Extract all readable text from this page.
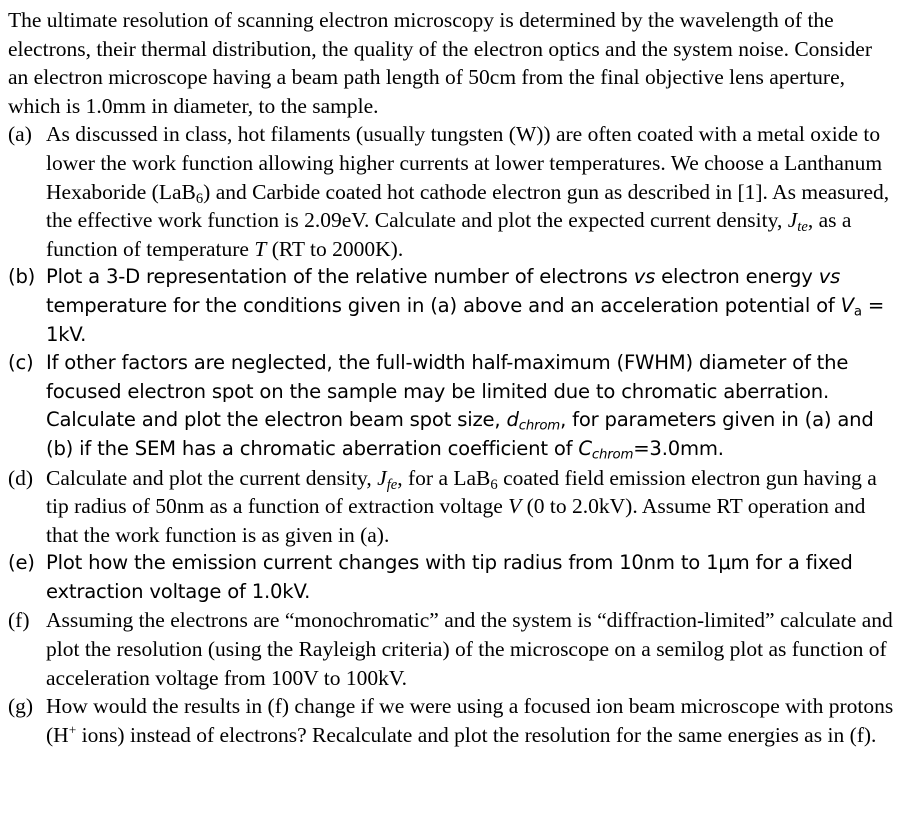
The ultimate resolution of scanning electron microscopy is determined by the wavelength of the electrons, their thermal distribution, the quality of the electron optics and the system noise. Consider an electron microscope having a beam path length of 50cm from the final objective lens aperture, which is 1.0mm in diameter, to the sample.

(a) As discussed in class, hot filaments (usually tungsten (W)) are often coated with a metal oxide to lower the work function allowing higher currents at lower temperatures. We choose a Lanthanum Hexaboride (LaB$_6$) and Carbide coated hot cathode electron gun as described in [1]. As measured, the effective work function is 2.09eV. Calculate and plot the expected current density, $J_{te}$, as a function of temperature T (RT to 2000K).
(b) Plot a 3-D representation of the relative number of electrons vs electron energy vs temperature for the conditions given in (a) above and an acceleration potential of $V_a = 1kV$.
(c) If other factors are neglected, the full-width half-maximum (FWHM) diameter of the focused electron spot on the sample may be limited due to chromatic aberration. Calculate and plot the electron beam spot size, $d_{chrom}$, for parameters given in (a) and (b) if the SEM has a chromatic aberration coefficient of $C_{chrom}=3.0mm$.
(d) Calculate and plot the current density, $J_{fe}$, for a LaB$_6$ coated field emission electron gun having a tip radius of 50nm as a function of extraction voltage V (0 to 2.0kV). Assume RT operation and that the work function is as given in (a).
(e) Plot how the emission current changes with tip radius from 10nm to 1μm for a fixed extraction voltage of 1.0kV.
(f) Assuming the electrons are “monochromatic” and the system is “diffraction-limited” calculate and plot the resolution (using the Rayleigh criteria) of the microscope on a semilog plot as function of acceleration voltage from 100V to 100kV.
(g) How would the results in (f) change if we were using a focused ion beam microscope with protons (H+ ions) instead of electrons? Recalculate and plot the resolution for the same energies as in (f).
